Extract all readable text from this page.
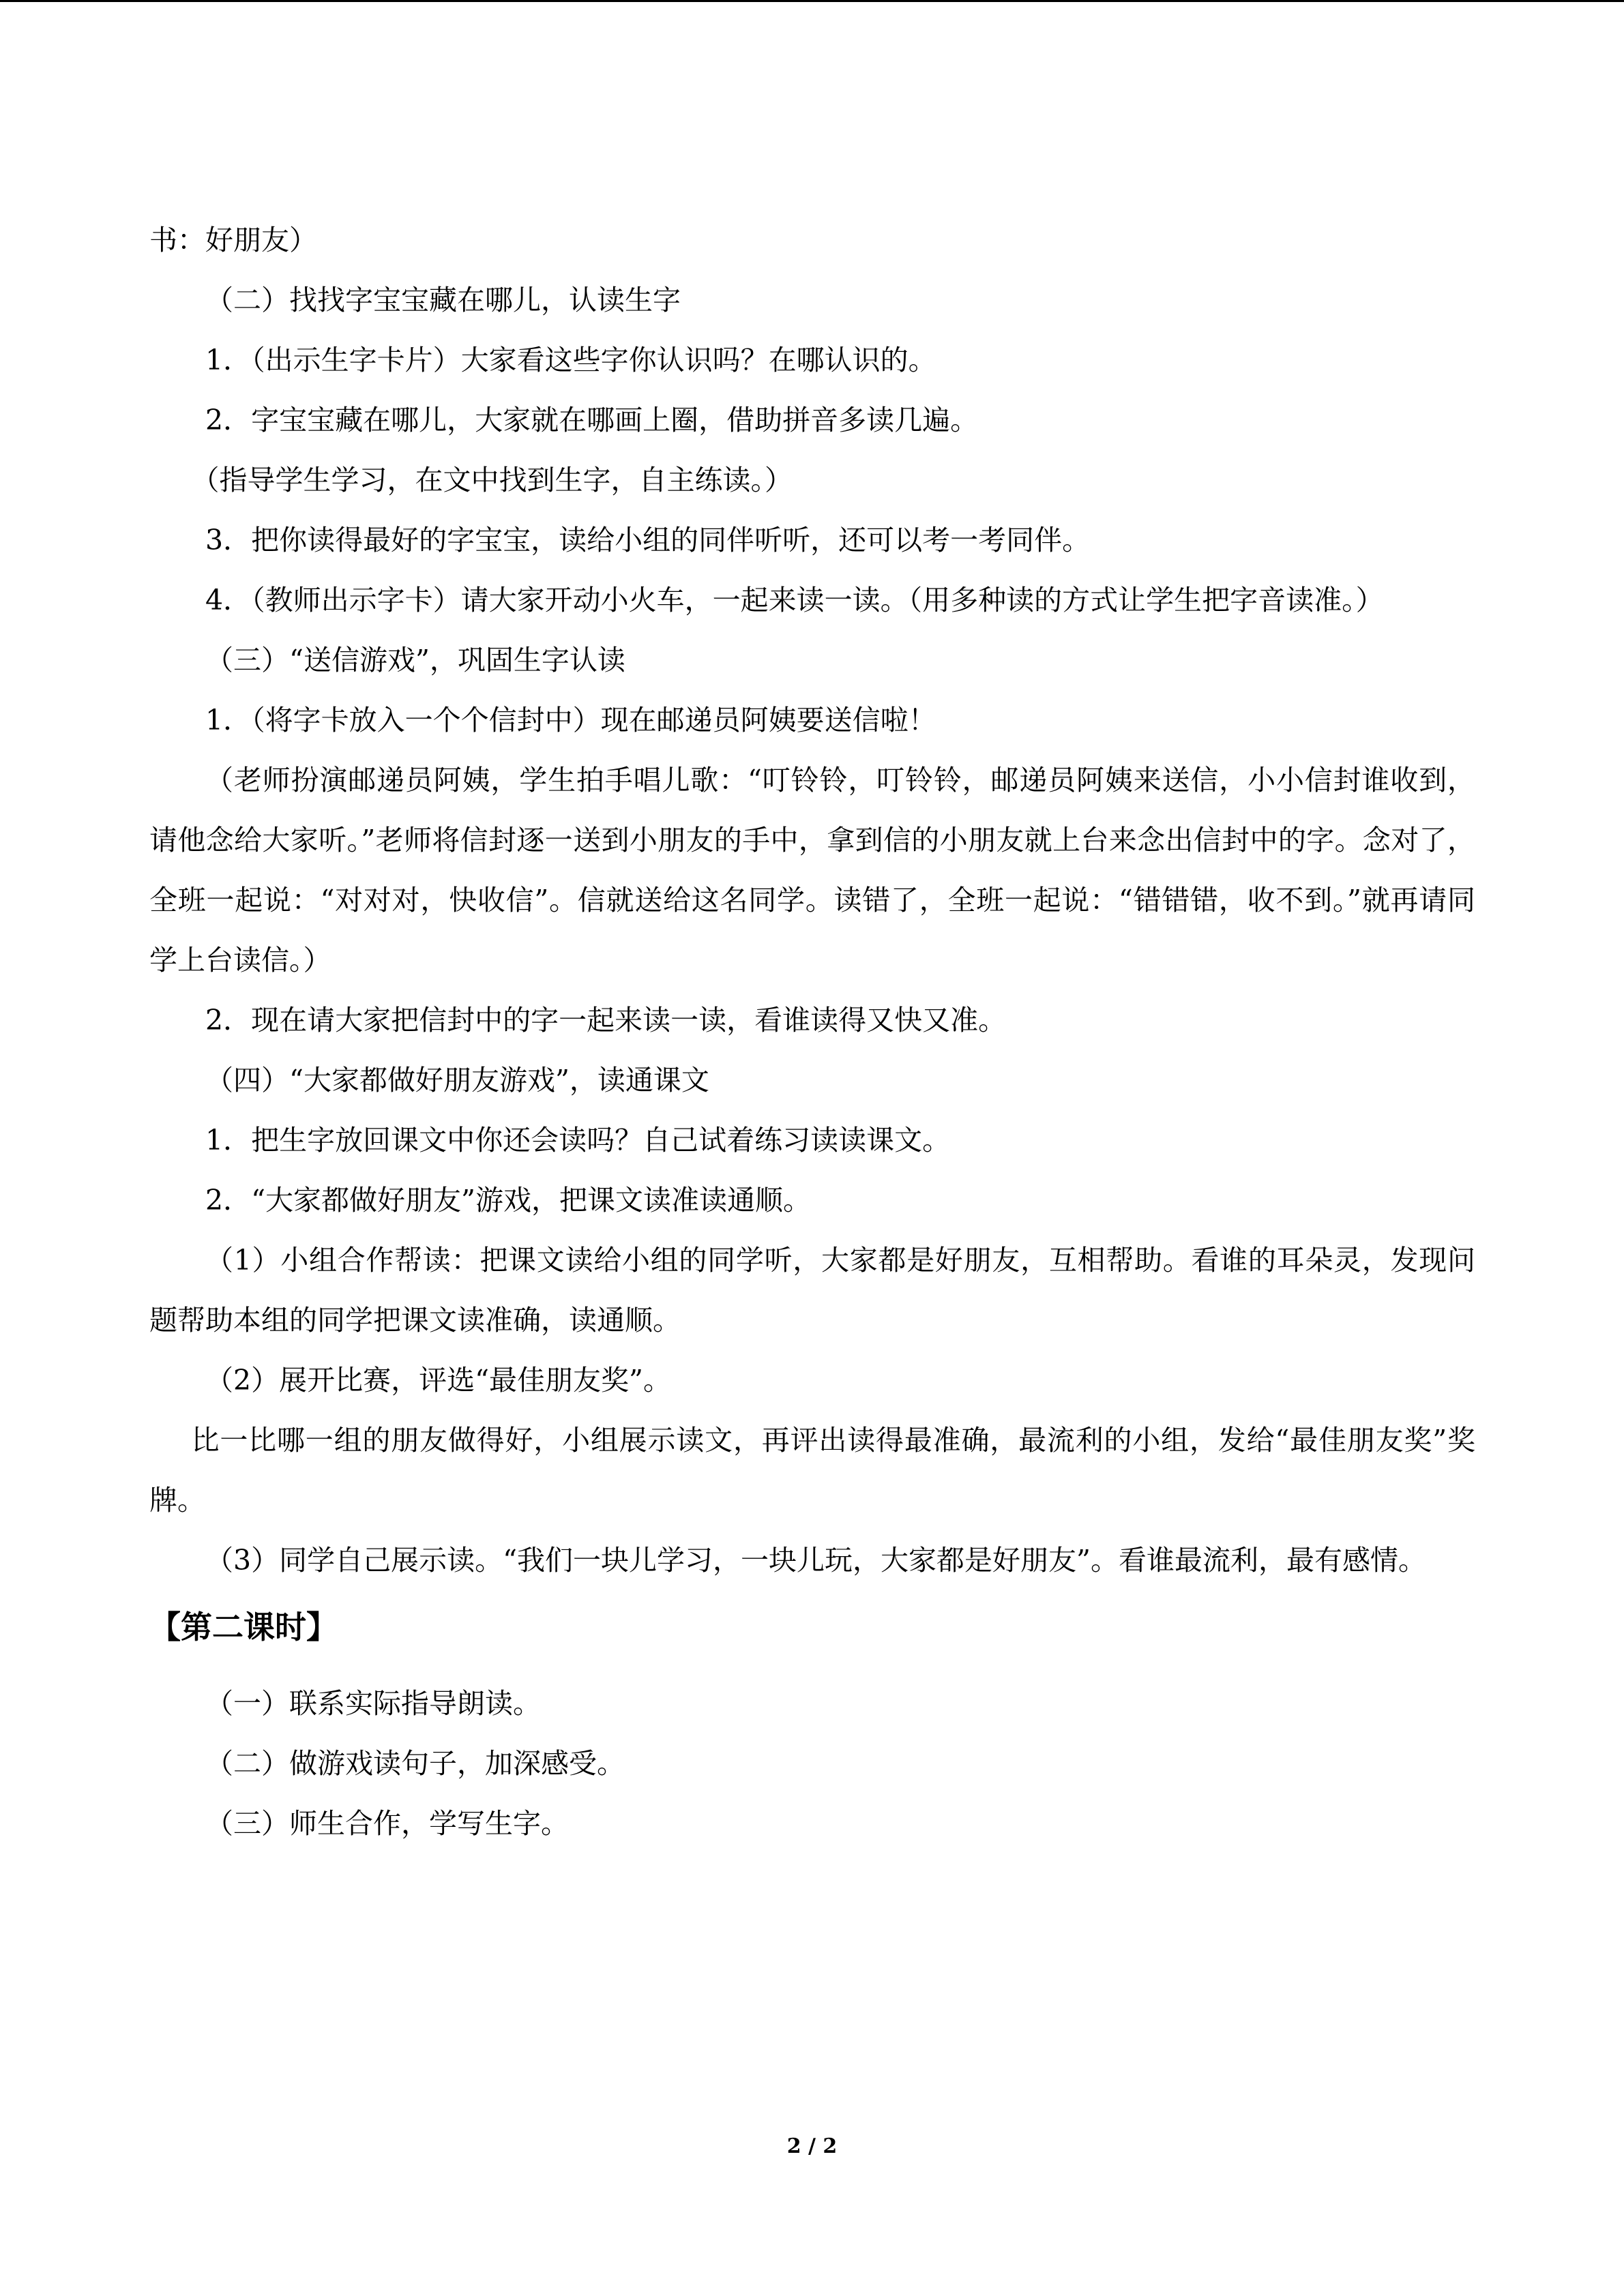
书：好朋友）

（二）找找字宝宝藏在哪儿，认读生字

1．（出示生字卡片）大家看这些字你认识吗？在哪认识的。

2．字宝宝藏在哪儿，大家就在哪画上圈，借助拼音多读几遍。

（指导学生学习，在文中找到生字，自主练读。）

3．把你读得最好的字宝宝，读给小组的同伴听听，还可以考一考同伴。

4．（教师出示字卡）请大家开动小火车，一起来读一读。（用多种读的方式让学生把字音读准。）

（三）“送信游戏”，巩固生字认读

1．（将字卡放入一个个信封中）现在邮递员阿姨要送信啦！

（老师扮演邮递员阿姨，学生拍手唱儿歌：“叮铃铃，叮铃铃，邮递员阿姨来送信，小小信封谁收到，请他念给大家听。”老师将信封逐一送到小朋友的手中，拿到信的小朋友就上台来念出信封中的字。念对了，全班一起说：“对对对，快收信”。信就送给这名同学。读错了，全班一起说：“错错错，收不到。”就再请同学上台读信。）

2．现在请大家把信封中的字一起来读一读，看谁读得又快又准。

（四）“大家都做好朋友游戏”，读通课文

1．把生字放回课文中你还会读吗？自己试着练习读读课文。

2．“大家都做好朋友”游戏，把课文读准读通顺。

（1）小组合作帮读：把课文读给小组的同学听，大家都是好朋友，互相帮助。看谁的耳朵灵，发现问题帮助本组的同学把课文读准确，读通顺。

（2）展开比赛，评选“最佳朋友奖”。

比一比哪一组的朋友做得好，小组展示读文，再评出读得最准确，最流利的小组，发给“最佳朋友奖”奖牌。

（3）同学自己展示读。“我们一块儿学习，一块儿玩，大家都是好朋友”。看谁最流利，最有感情。

【第二课时】

（一）联系实际指导朗读。

（二）做游戏读句子，加深感受。

（三）师生合作，学写生字。

2 / 2
